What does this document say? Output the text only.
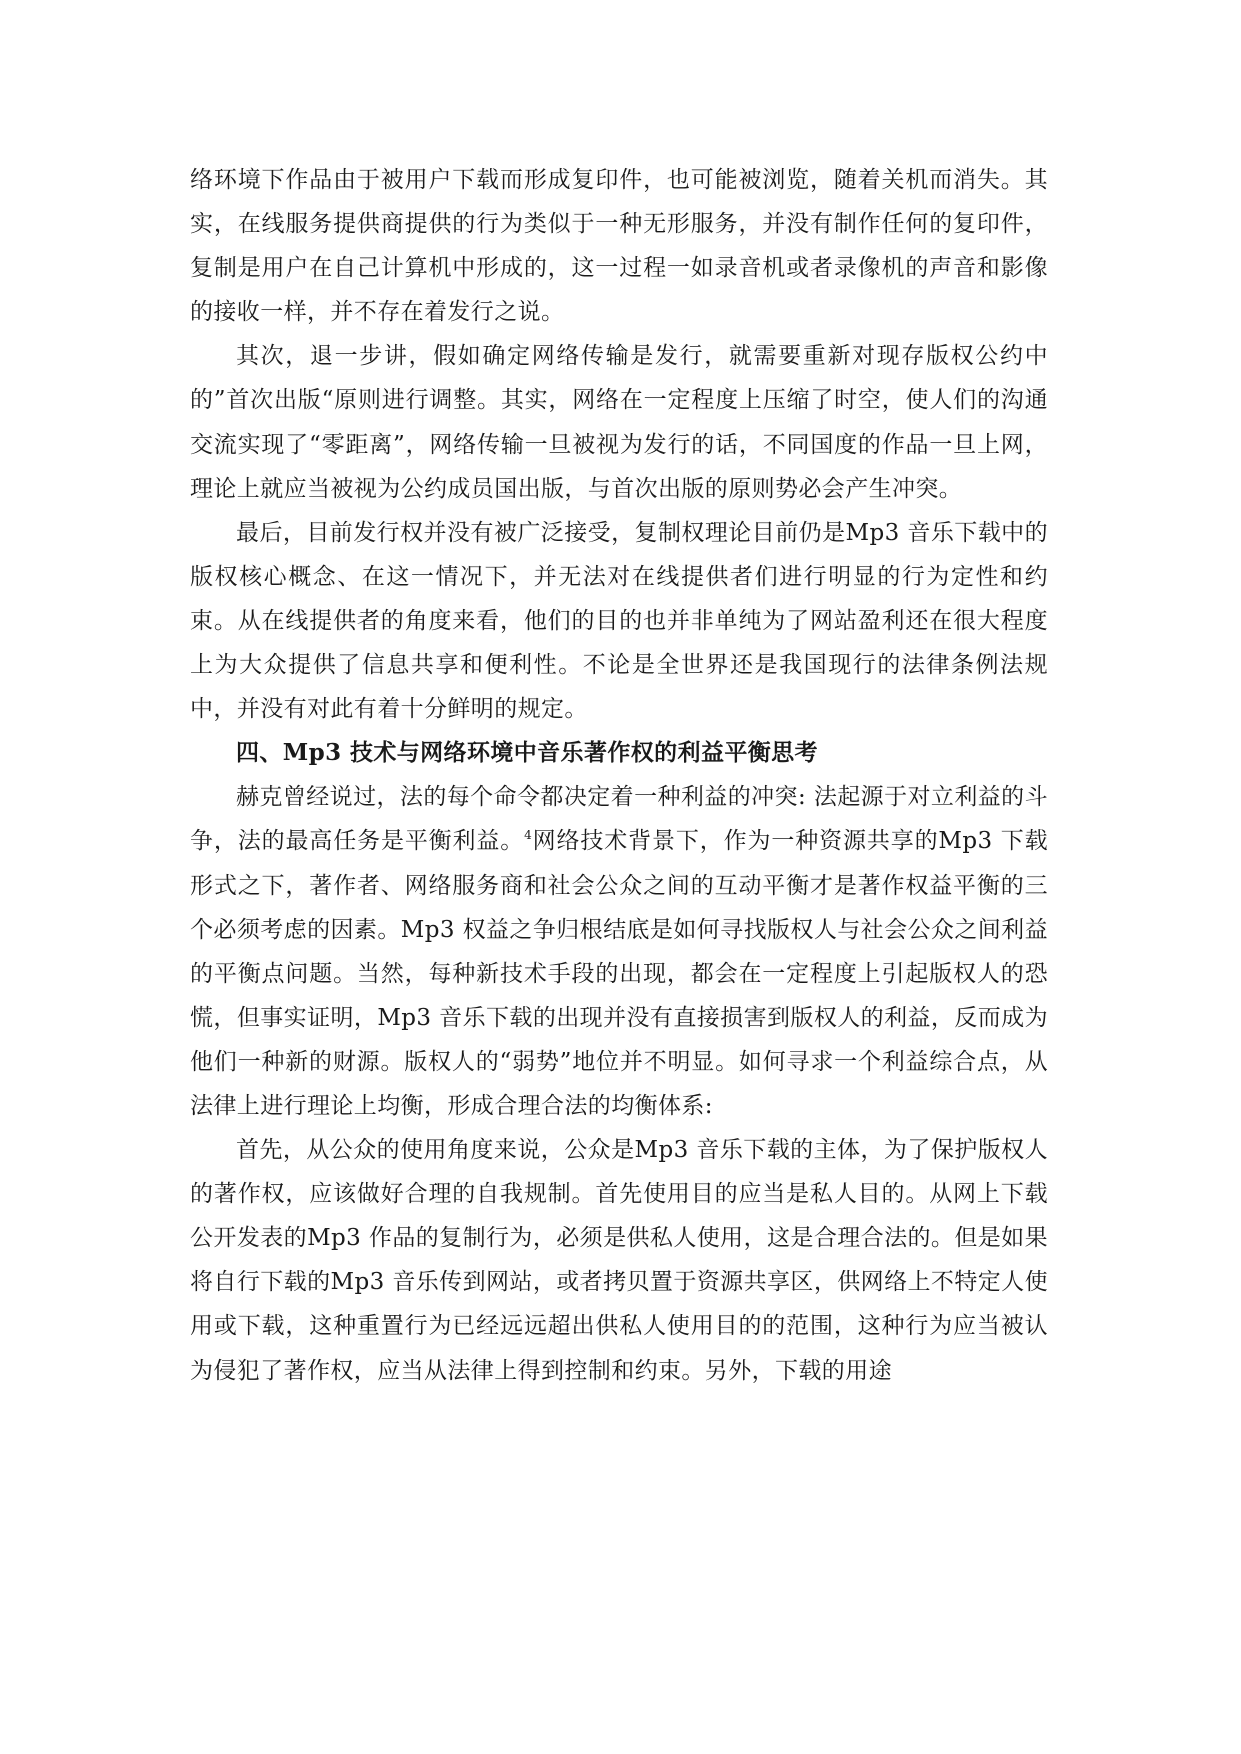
络环境下作品由于被用户下载而形成复印件，也可能被浏览，随着关机而消失。其实，在线服务提供商提供的行为类似于一种无形服务，并没有制作任何的复印件，复制是用户在自己计算机中形成的，这一过程一如录音机或者录像机的声音和影像的接收一样，并不存在着发行之说。

其次，退一步讲，假如确定网络传输是发行，就需要重新对现存版权公约中的”首次出版“原则进行调整。其实，网络在一定程度上压缩了时空，使人们的沟通交流实现了“零距离”，网络传输一旦被视为发行的话，不同国度的作品一旦上网，理论上就应当被视为公约成员国出版，与首次出版的原则势必会产生冲突。

最后，目前发行权并没有被广泛接受，复制权理论目前仍是Mp3 音乐下载中的版权核心概念、在这一情况下，并无法对在线提供者们进行明显的行为定性和约束。从在线提供者的角度来看，他们的目的也并非单纯为了网站盈利还在很大程度上为大众提供了信息共享和便利性。不论是全世界还是我国现行的法律条例法规中，并没有对此有着十分鲜明的规定。

四、Mp3 技术与网络环境中音乐著作权的利益平衡思考

赫克曾经说过，法的每个命令都决定着一种利益的冲突: 法起源于对立利益的斗争，法的最高任务是平衡利益。$^4$网络技术背景下，作为一种资源共享的Mp3 下载形式之下，著作者、网络服务商和社会公众之间的互动平衡才是著作权益平衡的三个必须考虑的因素。Mp3 权益之争归根结底是如何寻找版权人与社会公众之间利益的平衡点问题。当然，每种新技术手段的出现，都会在一定程度上引起版权人的恐慌，但事实证明，Mp3 音乐下载的出现并没有直接损害到版权人的利益，反而成为他们一种新的财源。版权人的“弱势”地位并不明显。如何寻求一个利益综合点，从法律上进行理论上均衡，形成合理合法的均衡体系:

首先，从公众的使用角度来说，公众是Mp3 音乐下载的主体，为了保护版权人的著作权，应该做好合理的自我规制。首先使用目的应当是私人目的。从网上下载公开发表的Mp3 作品的复制行为，必须是供私人使用，这是合理合法的。但是如果将自行下载的Mp3 音乐传到网站，或者拷贝置于资源共享区，供网络上不特定人使用或下载，这种重置行为已经远远超出供私人使用目的的范围，这种行为应当被认为侵犯了著作权，应当从法律上得到控制和约束。另外，下载的用途
